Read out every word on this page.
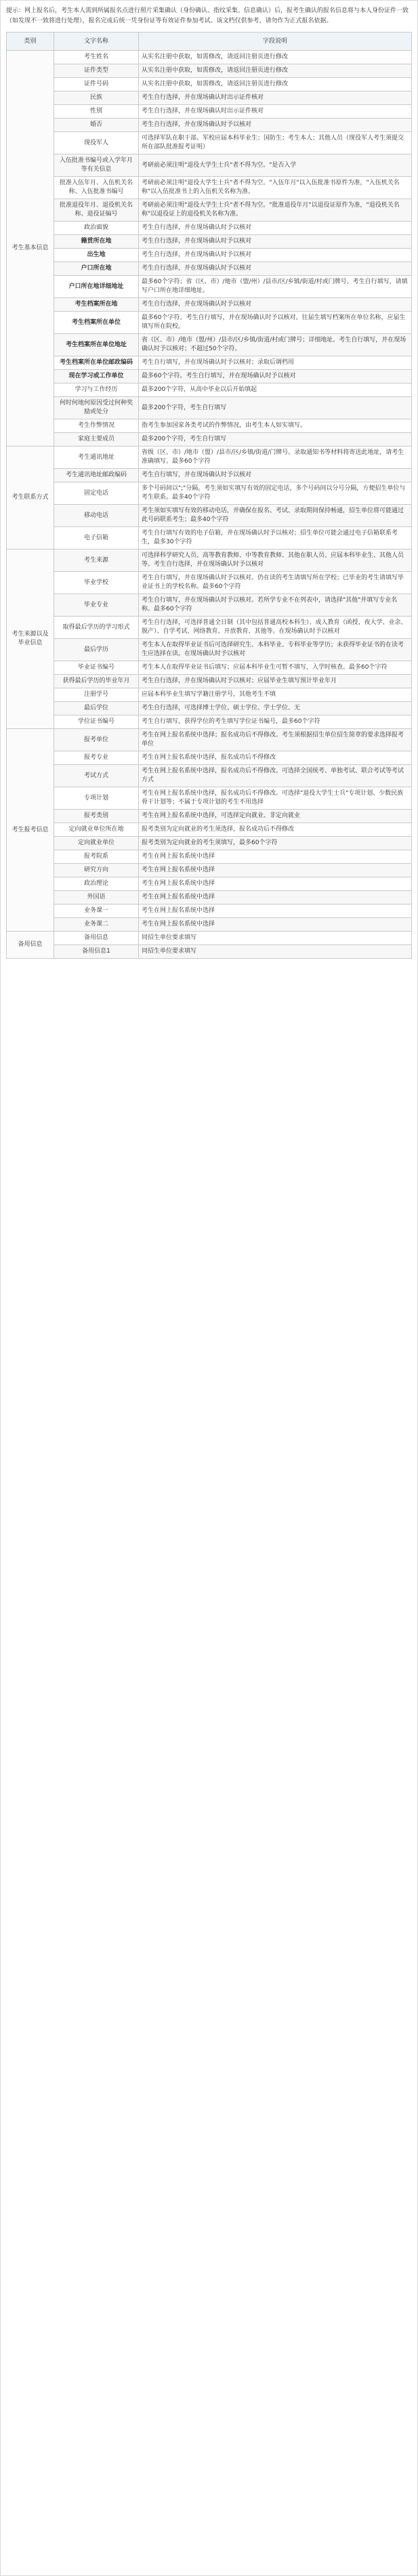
提示：网上报名后，考生本人需到所属报名点进行照片采集确认（身份确认、指纹采集、信息确认）后，报考生确认的报名信息将与本人身份证件一致（如发现不一致将进行处理），报名完成后统一凭身份证等有效证件参加考试。该文档仅供参考，请勿作为正式报名依据。

类别	文字名称	字段说明
考生基本信息	考生姓名	从实名注册中获取，如需修改，请返回注册页进行修改
	证件类型	从实名注册中获取，如需修改，请返回注册页进行修改
	证件号码	从实名注册中获取，如需修改，请返回注册页进行修改
	民族	考生自行选择，并在现场确认时出示证件核对
	性别	考生自行选择，并在现场确认时出示证件核对
	婚否	考生自行选择，并在现场确认时予以核对
	现役军人	可选择军队在职干部、军校应届本科毕业生；国防生；考生本人；其他人员（现役军人考生须提交所在部队批准报考证明）
	入伍批准书编号或入学年月等有关信息	考研前必须注明"退役大学生士兵"者不得为空。"是否入学
	批准入伍年月、入伍机关名称、入伍批准书编号	考研前必须注明"退役大学生士兵"者不得为空。"入伍年月"以入伍批准书原件为准，"入伍机关名称"以入伍批准书上的入伍机关名称为准。
	批准退役年月、退役机关名称、退役证编号	考研前必须注明"退役大学生士兵"者不得为空。"批准退役年月"以退役证原件为准，"退役机关名称"以退役证上的退役机关名称为准。
	政治面貌	考生自行选择，并在现场确认时予以核对
	籍贯所在地	考生自行选择，并在现场确认时予以核对
	出生地	考生自行选择，并在现场确认时予以核对
	户口所在地	考生自行选择，并在现场确认时予以核对
	户口所在地详细地址	最多60个字符；省（区、市）/地市（盟/州）/县市/区/乡镇/街道/村或门牌号。考生自行填写，请填写户口所在地详细地址。
	考生档案所在地	考生自行选择，并在现场确认时予以核对
	考生档案所在单位	最多60个字符。考生自行填写，并在现场确认时予以核对。往届生填写档案所在单位名称，应届生填写所在院校。
	考生档案所在单位地址	省（区、市）/地市（盟/州）/县市/区/乡镇/街道/村或门牌号；详细地址。考生自行填写，并在现场确认时予以核对；不超过50个字符。
	考生档案所在单位邮政编码	考生自行填写，并在现场确认时予以核对；录取后调档用
	现在学习或工作单位	最多60个字符。考生自行填写，并在现场确认时予以核对
	学习与工作经历	最多200个字符，从高中毕业以后开始填起
	何时何地何原因受过何种奖励或处分	最多200个字符，考生自行填写
	考生作弊情况	指考生参加国家各类考试的作弊情况，由考生本人如实填写。
	家庭主要成员	最多200个字符，考生自行填写
考生联系方式	考生通讯地址	省级（区、市）/地市（盟）/县市/区/乡镇/街道/门牌号。录取通知书等材料将寄送此地址，请考生准确填写。最多60个字符
	考生通讯地址邮政编码	考生自行填写，并在现场确认时予以核对
	固定电话	多个号码间以";"分隔。考生须如实填写有效的固定电话，多个号码间以分号分隔，方便招生单位与考生联系。最多40个字符
	移动电话	考生须如实填写有效的移动电话，并确保在报名、考试、录取期间保持畅通，招生单位将可能通过此号码联系考生；最多40个字符
	电子信箱	考生自行填写有效的电子信箱，并在现场确认时予以核对；招生单位可能会通过电子信箱联系考生，最多30个字符
考生来源以及毕业信息	考生来源	可选择科学研究人员、高等教育教师、中等教育教师、其他在职人员、应届本科毕业生、其他人员等。考生自行选择，并在现场确认时予以核对
	毕业学校	考生自行填写，并在现场确认时予以核对。仍在读的考生请填写所在学校；已毕业的考生请填写毕业证书上的学校名称。最多60个字符
	毕业专业	考生自行填写，并在现场确认时予以核对。若所学专业不在列表中，请选择"其他"并填写专业名称。最多60个字符
	取得最后学历的学习形式	考生自行选择，可选择普通全日制（其中包括普通高校本科生）、成人教育（函授、夜大学、业余、脱产）、自学考试、网络教育、开放教育、其他等。在现场确认时予以核对
	最后学历	考生本人在取得毕业证书后可选择研究生、本科毕业、专科毕业等学历；未获得毕业证书的在读考生应选择在读。在现场确认时予以核对
	毕业证书编号	考生本人在取得毕业证书后填写；应届本科毕业生可暂不填写，入学时核查。最多60个字符
	获得最后学历的毕业年月	考生自行选择，并在现场确认时予以核对；应届毕业生填写预计毕业年月
	注册学号	应届本科毕业生填写学籍注册学号，其他考生不填
	最后学位	考生自行选择，可选择博士学位、硕士学位、学士学位、无
	学位证书编号	考生自行填写，获得学位的考生填写学位证书编号，最多60个字符
考生报考信息	报考单位	考生在网上报名系统中选择；报名成功后不得修改。考生须根据招生单位招生简章的要求选择报考单位
	报考专业	考生在网上报名系统中选择，报名成功后不得修改
	考试方式	考生在网上报名系统中选择，报名成功后不得修改。可选择全国统考、单独考试、联合考试等考试方式
	专项计划	考生在网上报名系统中选择，报名成功后不得修改。可选择"退役大学生士兵"专项计划、少数民族骨干计划等；不属于专项计划的考生不用选择
	报考类别	考生在网上报名系统中选择，可选择定向就业、非定向就业
	定向就业单位所在地	报考类别为定向就业的考生须选择，报名成功后不得修改
	定向就业单位	报考类别为定向就业的考生须填写，最多60个字符
	报考院系	考生在网上报名系统中选择
	研究方向	考生在网上报名系统中选择
	政治理论	考生在网上报名系统中选择
	外国语	考生在网上报名系统中选择
	业务课一	考生在网上报名系统中选择
	业务课二	考生在网上报名系统中选择
备用信息	备用信息	同招生单位要求填写
	备用信息1	同招生单位要求填写
